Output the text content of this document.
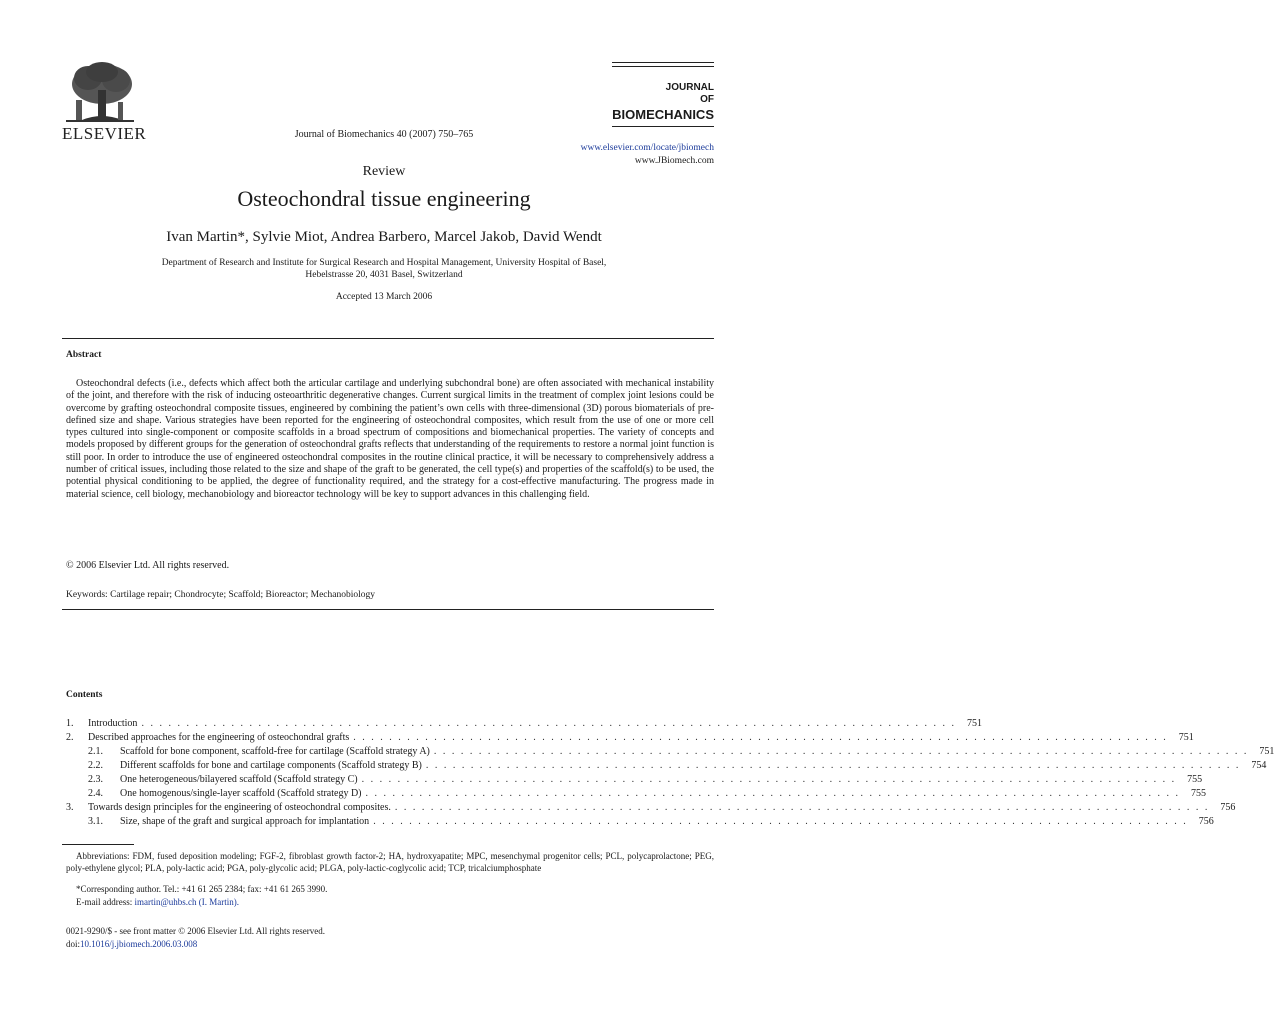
ELSEVIER	Journal of Biomechanics 40 (2007) 750–765
JOURNAL
OF
BIOMECHANICS
www.elsevier.com/locate/jbiomech
www.JBiomech.com
Review
Osteochondral tissue engineering
Ivan Martin*, Sylvie Miot, Andrea Barbero, Marcel Jakob, David Wendt
Department of Research and Institute for Surgical Research and Hospital Management, University Hospital of Basel,
Hebelstrasse 20, 4031 Basel, Switzerland
Accepted 13 March 2006
Abstract

Osteochondral defects (i.e., defects which affect both the articular cartilage and underlying subchondral bone) are often associated with mechanical instability of the joint, and therefore with the risk of inducing osteoarthritic degenerative changes. Current surgical limits in the treatment of complex joint lesions could be overcome by grafting osteochondral composite tissues, engineered by combining the patient’s own cells with three-dimensional (3D) porous biomaterials of pre-defined size and shape. Various strategies have been reported for the engineering of osteochondral composites, which result from the use of one or more cell types cultured into single-component or composite scaffolds in a broad spectrum of compositions and biomechanical properties. The variety of concepts and models proposed by different groups for the generation of osteochondral grafts reflects that understanding of the requirements to restore a normal joint function is still poor. In order to introduce the use of engineered osteochondral composites in the routine clinical practice, it will be necessary to comprehensively address a number of critical issues, including those related to the size and shape of the graft to be generated, the cell type(s) and properties of the scaffold(s) to be used, the potential physical conditioning to be applied, the degree of functionality required, and the strategy for a cost-effective manufacturing. The progress made in material science, cell biology, mechanobiology and bioreactor technology will be key to support advances in this challenging field.

© 2006 Elsevier Ltd. All rights reserved.
Keywords: Cartilage repair; Chondrocyte; Scaffold; Bioreactor; Mechanobiology
Contents
1.	Introduction . . . . . . . . . . . . . . . . . . . . . . . . . . . . . . . . . . . . . . . . . . . . . . . . . . . . . . . . . . . . . . . . . . . . . . . . . . . . . . . . . . . . . . . . . . .	751
2.	Described approaches for the engineering of osteochondral grafts . . . . . . . . . . . . . . . . . . . . . . . . . . . . . . . . . . . . . . . . . . . . . . . . . . . . . . . . . . . . . . . . . . . . . . . . . . . . . . . . . . . . . . . . . . .	751
2.1.	Scaffold for bone component, scaffold-free for cartilage (Scaffold strategy A) . . . . . . . . . . . . . . . . . . . . . . . . . . . . . . . . . . . . . . . . . . . . . . . . . . . . . . . . . . . . . . . . . . . . . . . . . . . . . . . . . . . . . . . . . . .	751
2.2.	Different scaffolds for bone and cartilage components (Scaffold strategy B) . . . . . . . . . . . . . . . . . . . . . . . . . . . . . . . . . . . . . . . . . . . . . . . . . . . . . . . . . . . . . . . . . . . . . . . . . . . . . . . . . . . . . . . . . . .	754
2.3.	One heterogeneous/bilayered scaffold (Scaffold strategy C) . . . . . . . . . . . . . . . . . . . . . . . . . . . . . . . . . . . . . . . . . . . . . . . . . . . . . . . . . . . . . . . . . . . . . . . . . . . . . . . . . . . . . . . . . . .	755
2.4.	One homogenous/single-layer scaffold (Scaffold strategy D) . . . . . . . . . . . . . . . . . . . . . . . . . . . . . . . . . . . . . . . . . . . . . . . . . . . . . . . . . . . . . . . . . . . . . . . . . . . . . . . . . . . . . . . . . . .	755
3.	Towards design principles for the engineering of osteochondral composites. . . . . . . . . . . . . . . . . . . . . . . . . . . . . . . . . . . . . . . . . . . . . . . . . . . . . . . . . . . . . . . . . . . . . . . . . . . . . . . . . . . . . . . . . . . .	756
3.1.	Size, shape of the graft and surgical approach for implantation . . . . . . . . . . . . . . . . . . . . . . . . . . . . . . . . . . . . . . . . . . . . . . . . . . . . . . . . . . . . . . . . . . . . . . . . . . . . . . . . . . . . . . . . . . .	756

Abbreviations: FDM, fused deposition modeling; FGF-2, fibroblast growth factor-2; HA, hydroxyapatite; MPC, mesenchymal progenitor cells; PCL, polycaprolactone; PEG, poly-ethylene glycol; PLA, poly-lactic acid; PGA, poly-glycolic acid; PLGA, poly-lactic-coglycolic acid; TCP, tricalciumphosphate

*Corresponding author. Tel.: +41 61 265 2384; fax: +41 61 265 3990.
E-mail address: imartin@uhbs.ch (I. Martin).
0021-9290/$ - see front matter © 2006 Elsevier Ltd. All rights reserved.
doi:10.1016/j.jbiomech.2006.03.008
